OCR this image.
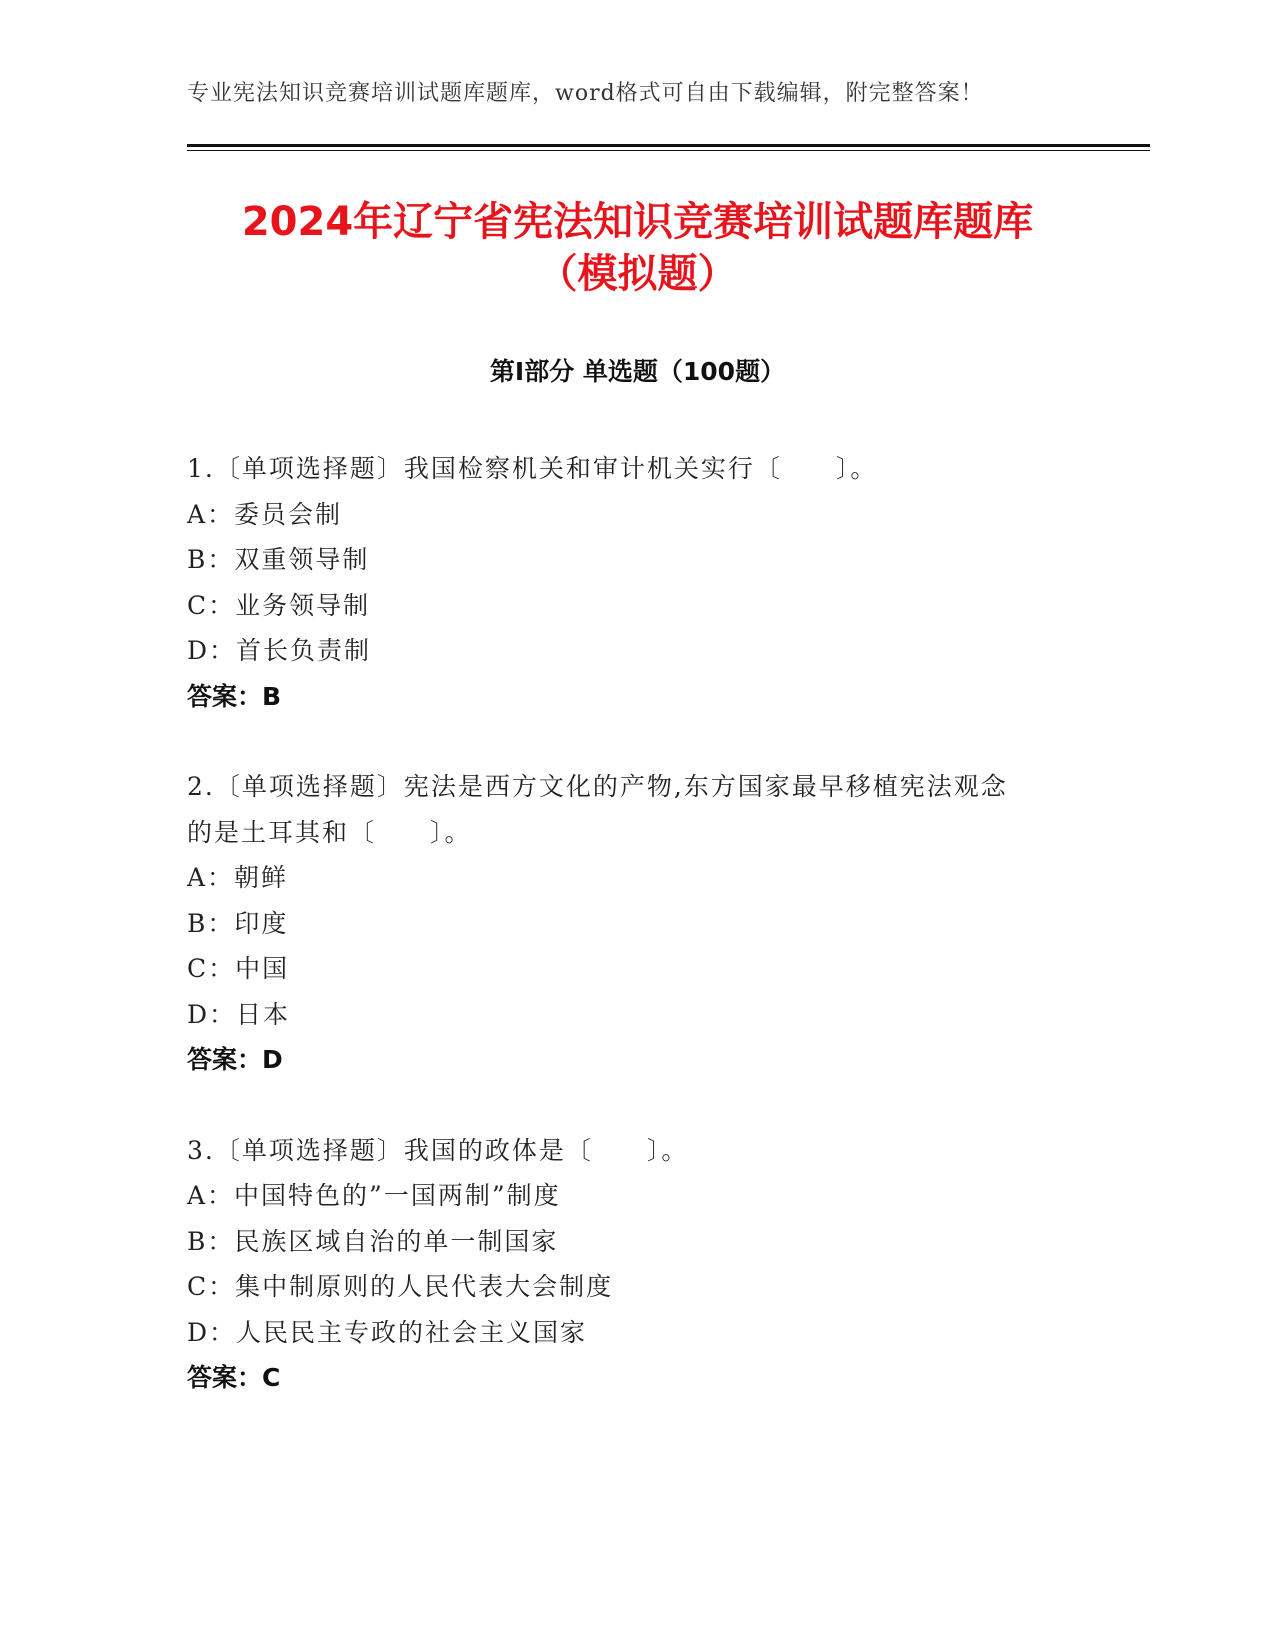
专业宪法知识竞赛培训试题库题库，word格式可自由下载编辑，附完整答案！
2024年辽宁省宪法知识竞赛培训试题库题库
（模拟题）
第Ⅰ部分 单选题（100题）
1.〔单项选择题〕我国检察机关和审计机关实行〔　　〕。
A：委员会制
B：双重领导制
C：业务领导制
D：首长负责制
答案：B
2.〔单项选择题〕宪法是西方文化的产物,东方国家最早移植宪法观念
的是土耳其和〔　　〕。
A：朝鲜
B：印度
C：中国
D：日本
答案：D
3.〔单项选择题〕我国的政体是〔　　〕。
A：中国特色的”一国两制”制度
B：民族区域自治的单一制国家
C：集中制原则的人民代表大会制度
D：人民民主专政的社会主义国家
答案：C
